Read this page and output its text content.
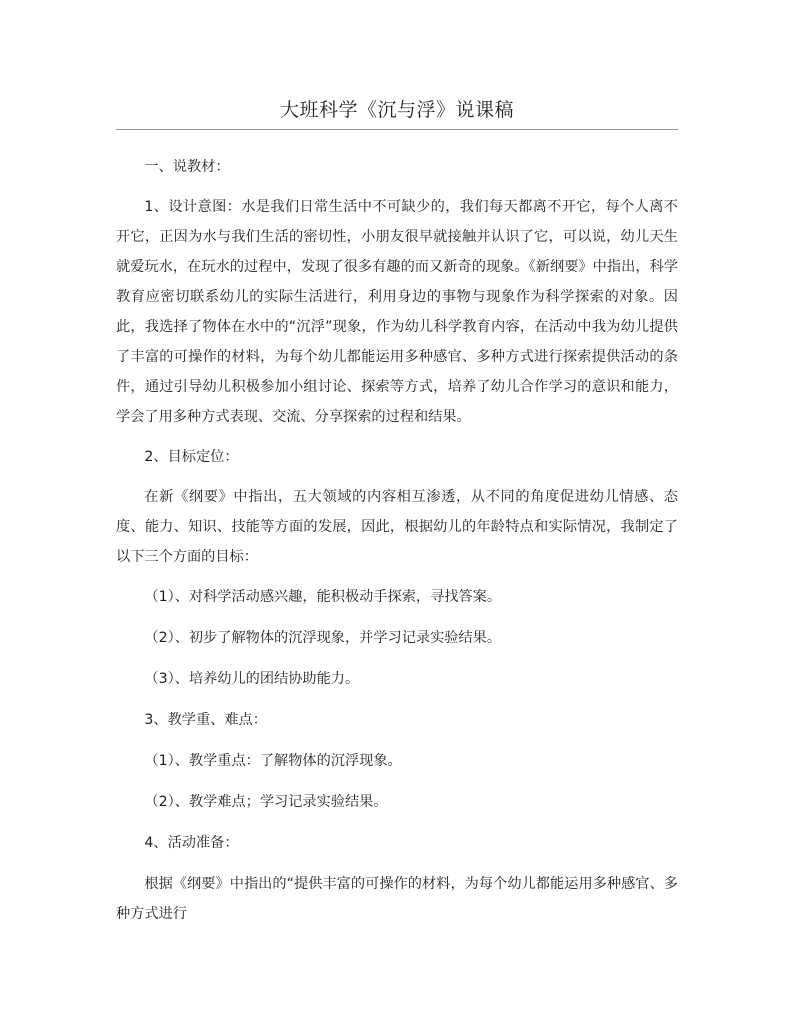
大班科学《沉与浮》说课稿

一、说教材：

1、设计意图：水是我们日常生活中不可缺少的，我们每天都离不开它，每个人离不开它，正因为水与我们生活的密切性，小朋友很早就接触并认识了它，可以说，幼儿天生就爱玩水，在玩水的过程中，发现了很多有趣的而又新奇的现象。《新纲要》中指出，科学教育应密切联系幼儿的实际生活进行，利用身边的事物与现象作为科学探索的对象。因此，我选择了物体在水中的“沉浮”现象，作为幼儿科学教育内容，在活动中我为幼儿提供了丰富的可操作的材料，为每个幼儿都能运用多种感官、多种方式进行探索提供活动的条件，通过引导幼儿积极参加小组讨论、探索等方式，培养了幼儿合作学习的意识和能力，学会了用多种方式表现、交流、分享探索的过程和结果。

2、目标定位：

在新《纲要》中指出，五大领域的内容相互渗透，从不同的角度促进幼儿情感、态度、能力、知识、技能等方面的发展，因此，根据幼儿的年龄特点和实际情况，我制定了以下三个方面的目标：

（1）、对科学活动感兴趣，能积极动手探索，寻找答案。
（2）、初步了解物体的沉浮现象，并学习记录实验结果。
（3）、培养幼儿的团结协助能力。

3、教学重、难点：

（1）、教学重点：了解物体的沉浮现象。
（2）、教学难点；学习记录实验结果。

4、活动准备：

根据《纲要》中指出的“提供丰富的可操作的材料，为每个幼儿都能运用多种感官、多种方式进行
